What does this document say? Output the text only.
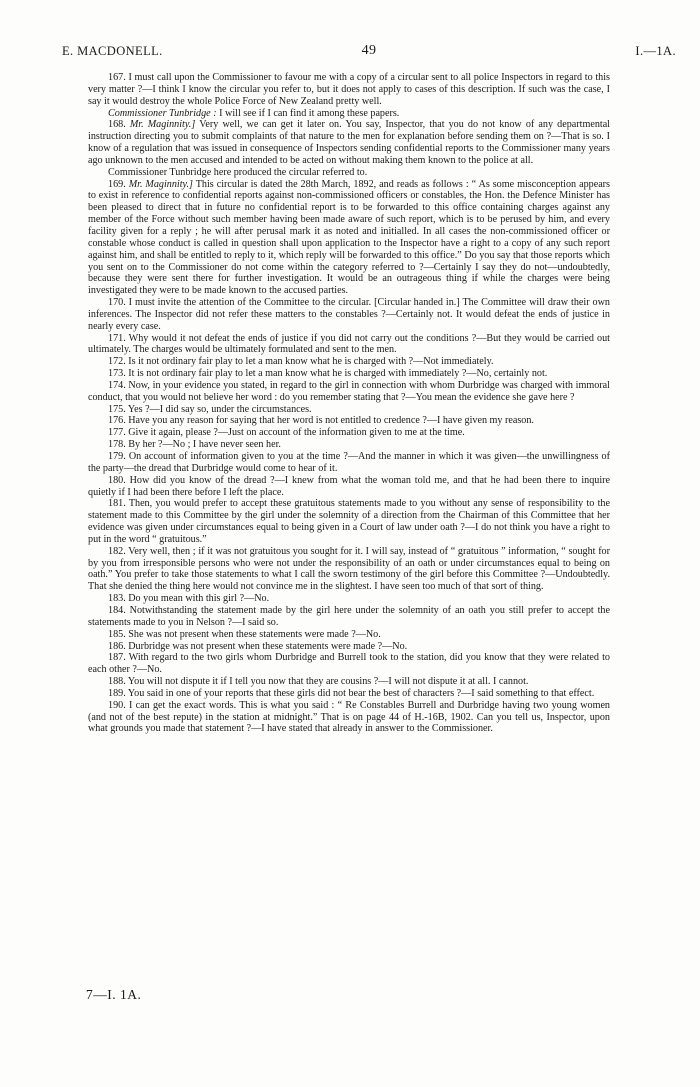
E. MACDONELL.	49	I.—1A.

167. I must call upon the Commissioner to favour me with a copy of a circular sent to all police Inspectors in regard to this very matter ?—I think I know the circular you refer to, but it does not apply to cases of this description. If such was the case, I say it would destroy the whole Police Force of New Zealand pretty well.

Commissioner Tunbridge : I will see if I can find it among these papers.

168. Mr. Maginnity.] Very well, we can get it later on. You say, Inspector, that you do not know of any departmental instruction directing you to submit complaints of that nature to the men for explanation before sending them on ?—That is so. I know of a regulation that was issued in consequence of Inspectors sending confidential reports to the Commissioner many years ago unknown to the men accused and intended to be acted on without making them known to the police at all.

Commissioner Tunbridge here produced the circular referred to.

169. Mr. Maginnity.] This circular is dated the 28th March, 1892, and reads as follows : “ As some misconception appears to exist in reference to confidential reports against non-commissioned officers or constables, the Hon. the Defence Minister has been pleased to direct that in future no confidential report is to be forwarded to this office containing charges against any member of the Force without such member having been made aware of such report, which is to be perused by him, and every facility given for a reply ; he will after perusal mark it as noted and initialled. In all cases the non-commissioned officer or constable whose conduct is called in question shall upon application to the Inspector have a right to a copy of any such report against him, and shall be entitled to reply to it, which reply will be forwarded to this office.” Do you say that those reports which you sent on to the Commissioner do not come within the category referred to ?—Certainly I say they do not—undoubtedly, because they were sent there for further investigation. It would be an outrageous thing if while the charges were being investigated they were to be made known to the accused parties.

170. I must invite the attention of the Committee to the circular. [Circular handed in.] The Committee will draw their own inferences. The Inspector did not refer these matters to the constables ?—Certainly not. It would defeat the ends of justice in nearly every case.

171. Why would it not defeat the ends of justice if you did not carry out the conditions ?—But they would be carried out ultimately. The charges would be ultimately formulated and sent to the men.

172. Is it not ordinary fair play to let a man know what he is charged with ?—Not immediately.

173. It is not ordinary fair play to let a man know what he is charged with immediately ?—No, certainly not.

174. Now, in your evidence you stated, in regard to the girl in connection with whom Durbridge was charged with immoral conduct, that you would not believe her word : do you remember stating that ?—You mean the evidence she gave here ?

175. Yes ?—I did say so, under the circumstances.

176. Have you any reason for saying that her word is not entitled to credence ?—I have given my reason.

177. Give it again, please ?—Just on account of the information given to me at the time.

178. By her ?—No ; I have never seen her.

179. On account of information given to you at the time ?—And the manner in which it was given—the unwillingness of the party—the dread that Durbridge would come to hear of it.

180. How did you know of the dread ?—I knew from what the woman told me, and that he had been there to inquire quietly if I had been there before I left the place.

181. Then, you would prefer to accept these gratuitous statements made to you without any sense of responsibility to the statement made to this Committee by the girl under the solemnity of a direction from the Chairman of this Committee that her evidence was given under circumstances equal to being given in a Court of law under oath ?—I do not think you have a right to put in the word “ gratuitous.”

182. Very well, then ; if it was not gratuitous you sought for it. I will say, instead of “ gratuitous ” information, “ sought for by you from irresponsible persons who were not under the responsibility of an oath or under circumstances equal to being on oath.” You prefer to take those statements to what I call the sworn testimony of the girl before this Committee ?—Undoubtedly. That she denied the thing here would not convince me in the slightest. I have seen too much of that sort of thing.

183. Do you mean with this girl ?—No.

184. Notwithstanding the statement made by the girl here under the solemnity of an oath you still prefer to accept the statements made to you in Nelson ?—I said so.

185. She was not present when these statements were made ?—No.

186. Durbridge was not present when these statements were made ?—No.

187. With regard to the two girls whom Durbridge and Burrell took to the station, did you know that they were related to each other ?—No.

188. You will not dispute it if I tell you now that they are cousins ?—I will not dispute it at all. I cannot.

189. You said in one of your reports that these girls did not bear the best of characters ?—I said something to that effect.

190. I can get the exact words. This is what you said : “ Re Constables Burrell and Durbridge having two young women (and not of the best repute) in the station at midnight.” That is on page 44 of H.-16B, 1902. Can you tell us, Inspector, upon what grounds you made that statement ?—I have stated that already in answer to the Commissioner.

7—I. 1A.
